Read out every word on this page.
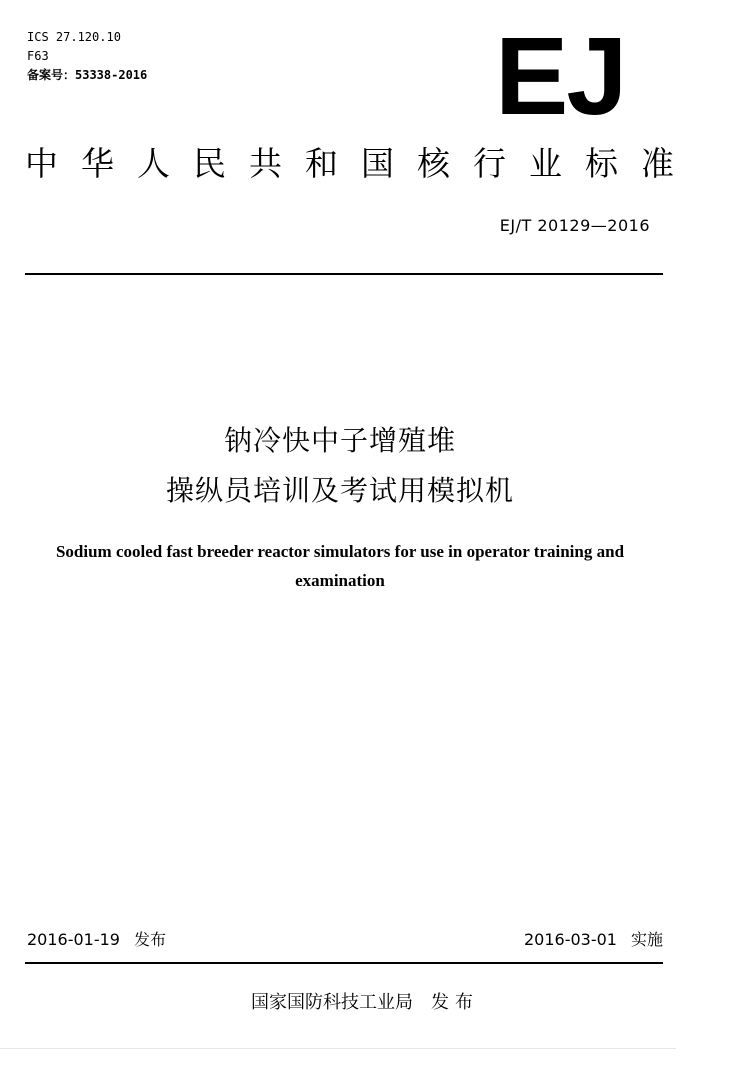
ICS 27.120.10
F63
备案号：53338-2016	EJ
中华人民共和国核行业标准
EJ/T 20129—2016
钠冷快中子增殖堆
操纵员培训及考试用模拟机
Sodium cooled fast breeder reactor simulators for use in operator training and
examination
2016-01-19 发布	2016-03-01 实施
国家国防科技工业局 发布
